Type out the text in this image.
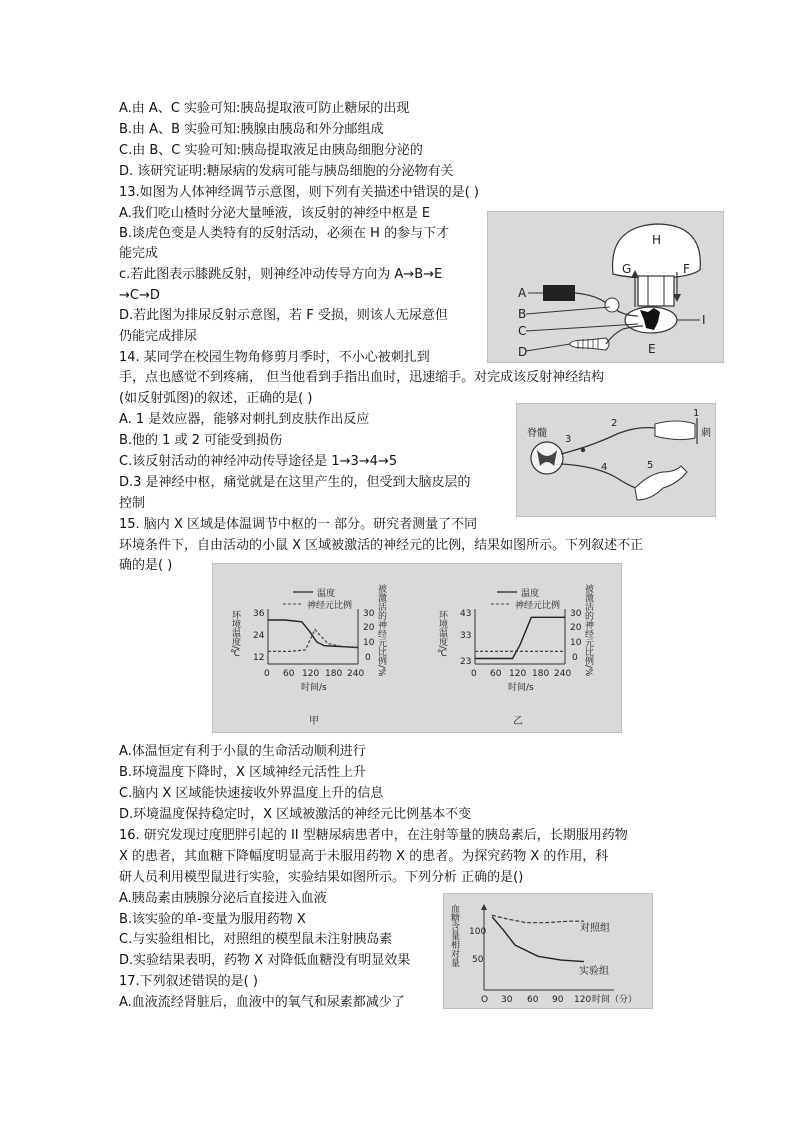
A.由 A、C 实验可知:胰岛提取液可防止糖尿的出现
B.由 A、B 实验可知:胰腺由胰岛和外分邮组成
C.由 B、C 实验可知:胰岛提取液足由胰岛细胞分泌的
D. 该研究证明:糖尿病的发病可能与胰岛细胞的分泌物有关
13.如图为人体神经调节示意图，则下列有关描述中错误的是( )
A.我们吃山楂时分泌大量唾液，该反射的神经中枢是 E
B.谈虎色变是人类特有的反射活动，必须在 H 的参与下才
能完成
c.若此图表示膝跳反射，则神经冲动传导方向为 A→B→E
→C→D
D.若此图为排尿反射示意图，若 F 受损，则该人无尿意但
仍能完成排尿
H
G	F
A
B
C
D	E
I
14. 某同学在校园生物角修剪月季时，不小心被刺扎到
手，点也感觉不到疼痛， 但当他看到手指出血时，迅速缩手。对完成该反射神经结构
(如反射弧图)的叙述，正确的是( )
A. 1 是效应器，能够对刺扎到皮肤作出反应
B.他的 1 或 2 可能受到损伤
C.该反射活动的神经冲动传导途径是 1→3→4→5
D.3 是神经中枢，痛觉就是在这里产生的，但受到大脑皮层的
控制
脊髓
3
2
1
4	5
刺
15. 脑内 X 区域是体温调节中枢的一 部分。研究者测量了不同
环境条件下，自由活动的小鼠 X 区域被激活的神经元的比例，结果如图所示。下列叙述不正
确的是( )
温度
神经元比例
36
24
12
30
20
10
0
0 60 120 180 240
时间/s
环境温度/℃	被激活的神经元比例/%
甲
温度
神经元比例
43
33
23
30
20
10
0
0 60 120 180 240
时间/s
环境温度/℃	被激活的神经元比例/%
乙
A.体温恒定有利于小鼠的生命活动顺利进行
B.环境温度下降时，X 区域神经元活性上升
C.脑内 X 区域能快速接收外界温度上升的信息
D.环境温度保持稳定时，X 区域被激活的神经元比例基本不变
16. 研究发现过度肥胖引起的 II 型糖尿病患者中，在注射等量的胰岛素后，长期服用药物
X 的患者，其血糖下降幅度明显高于未服用药物 X 的患者。为探究药物 X 的作用，科
研人员利用模型鼠进行实验，实验结果如图所示。下列分析 正确的是()
A.胰岛素由胰腺分泌后直接进入血液
B.该实验的单-变量为服用药物 X
C.与实验组相比，对照组的模型鼠未注射胰岛素
D.实验结果表明，药物 X 对降低血糖没有明显效果	血糖含量相对量 100
50
O 30 60 90 120 时间（分）
对照组
实验组
17.下列叙述错误的是( )
A.血液流经肾脏后，血液中的氧气和尿素都减少了
